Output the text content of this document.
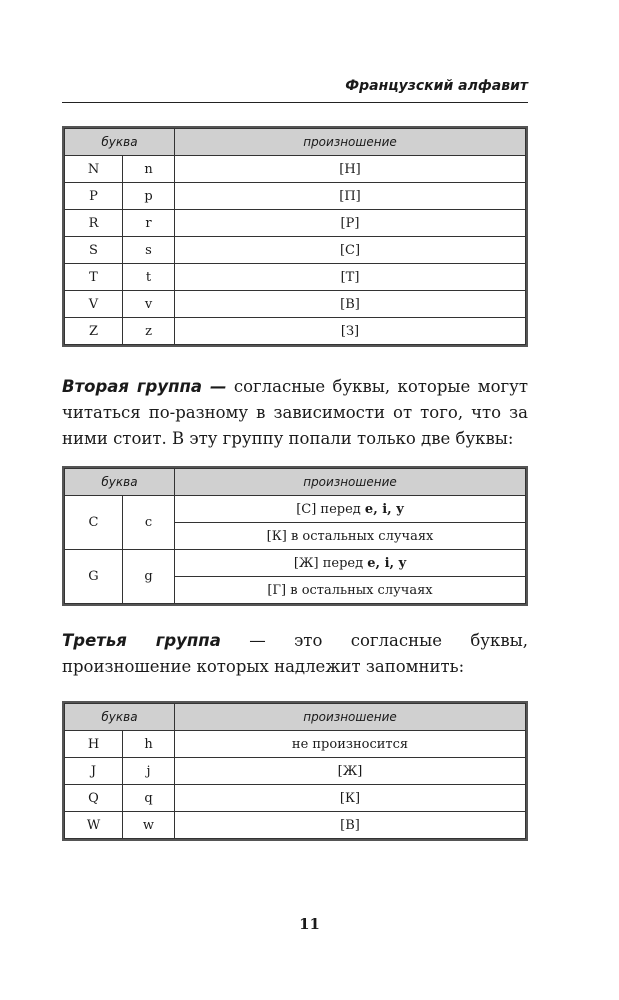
Французский алфавит
буква		произношение
N	n	[Н]
P	p	[П]
R	r	[Р]
S	s	[С]
T	t	[Т]
V	v	[В]
Z	z	[З]
Вторая группа — согласные буквы, которые могут читаться по-разному в зависимости от того, что за ними стоит. В эту группу попали только две буквы:
буква		произношение
C	c	[С] перед e, i, y
		[К] в остальных случаях
G	g	[Ж] перед e, i, y
		[Г] в остальных случаях
Третья группа — это согласные буквы, произношение которых надлежит запомнить:
буква		произношение
H	h	не произносится
J	j	[Ж]
Q	q	[К]
W	w	[В]
11
